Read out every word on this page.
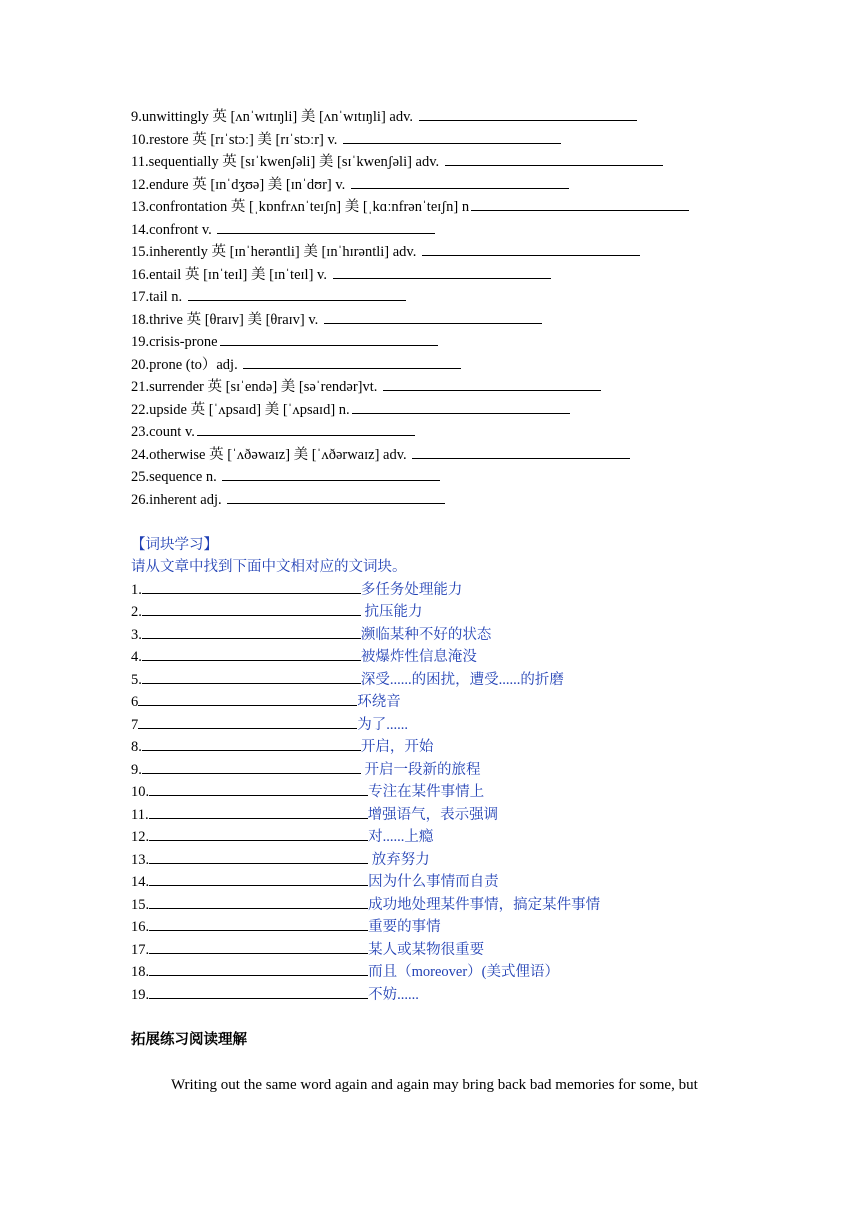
9.unwittingly 英 [ʌnˈwɪtɪŋli] 美 [ʌnˈwɪtɪŋli] adv.
10.restore 英 [rɪˈstɔː] 美 [rɪˈstɔːr] v.
11.sequentially 英 [sɪˈkwenʃəli] 美 [sɪˈkwenʃəli] adv.
12.endure 英 [ɪnˈdʒʊə] 美 [ɪnˈdʊr] v.
13.confrontation 英 [ˌkɒnfrʌnˈteɪʃn] 美 [ˌkɑːnfrənˈteɪʃn] n
14.confront v.
15.inherently 英 [ɪnˈherəntli] 美 [ɪnˈhɪrəntli] adv.
16.entail 英 [ɪnˈteɪl] 美 [ɪnˈteɪl] v.
17.tail n.
18.thrive 英 [θraɪv] 美 [θraɪv] v.
19.crisis-prone
20.prone (to）adj.
21.surrender 英 [sɪˈendə] 美 [səˈrendər]vt.
22.upside 英 [ˈʌpsaɪd] 美 [ˈʌpsaɪd] n.
23.count v.
24.otherwise 英 [ˈʌðəwaɪz] 美 [ˈʌðərwaɪz] adv.
25.sequence n.
26.inherent adj.
【词块学习】
请从文章中找到下面中文相对应的文词块。
1.	多任务处理能力
2.	抗压能力
3.	濒临某种不好的状态
4.	被爆炸性信息淹没
5.	深受......的困扰，遭受......的折磨
6	环绕音
7	为了......
8.	开启，开始
9.	开启一段新的旅程
10.	专注在某件事情上
11.	增强语气，表示强调
12.	对......上瘾
13.	放弃努力
14.	因为什么事情而自责
15.	成功地处理某件事情，搞定某件事情
16.	重要的事情
17.	某人或某物很重要
18.	而且（moreover）(美式俚语）
19.	不妨......
拓展练习阅读理解
Writing out the same word again and again may bring back bad memories for some, but
